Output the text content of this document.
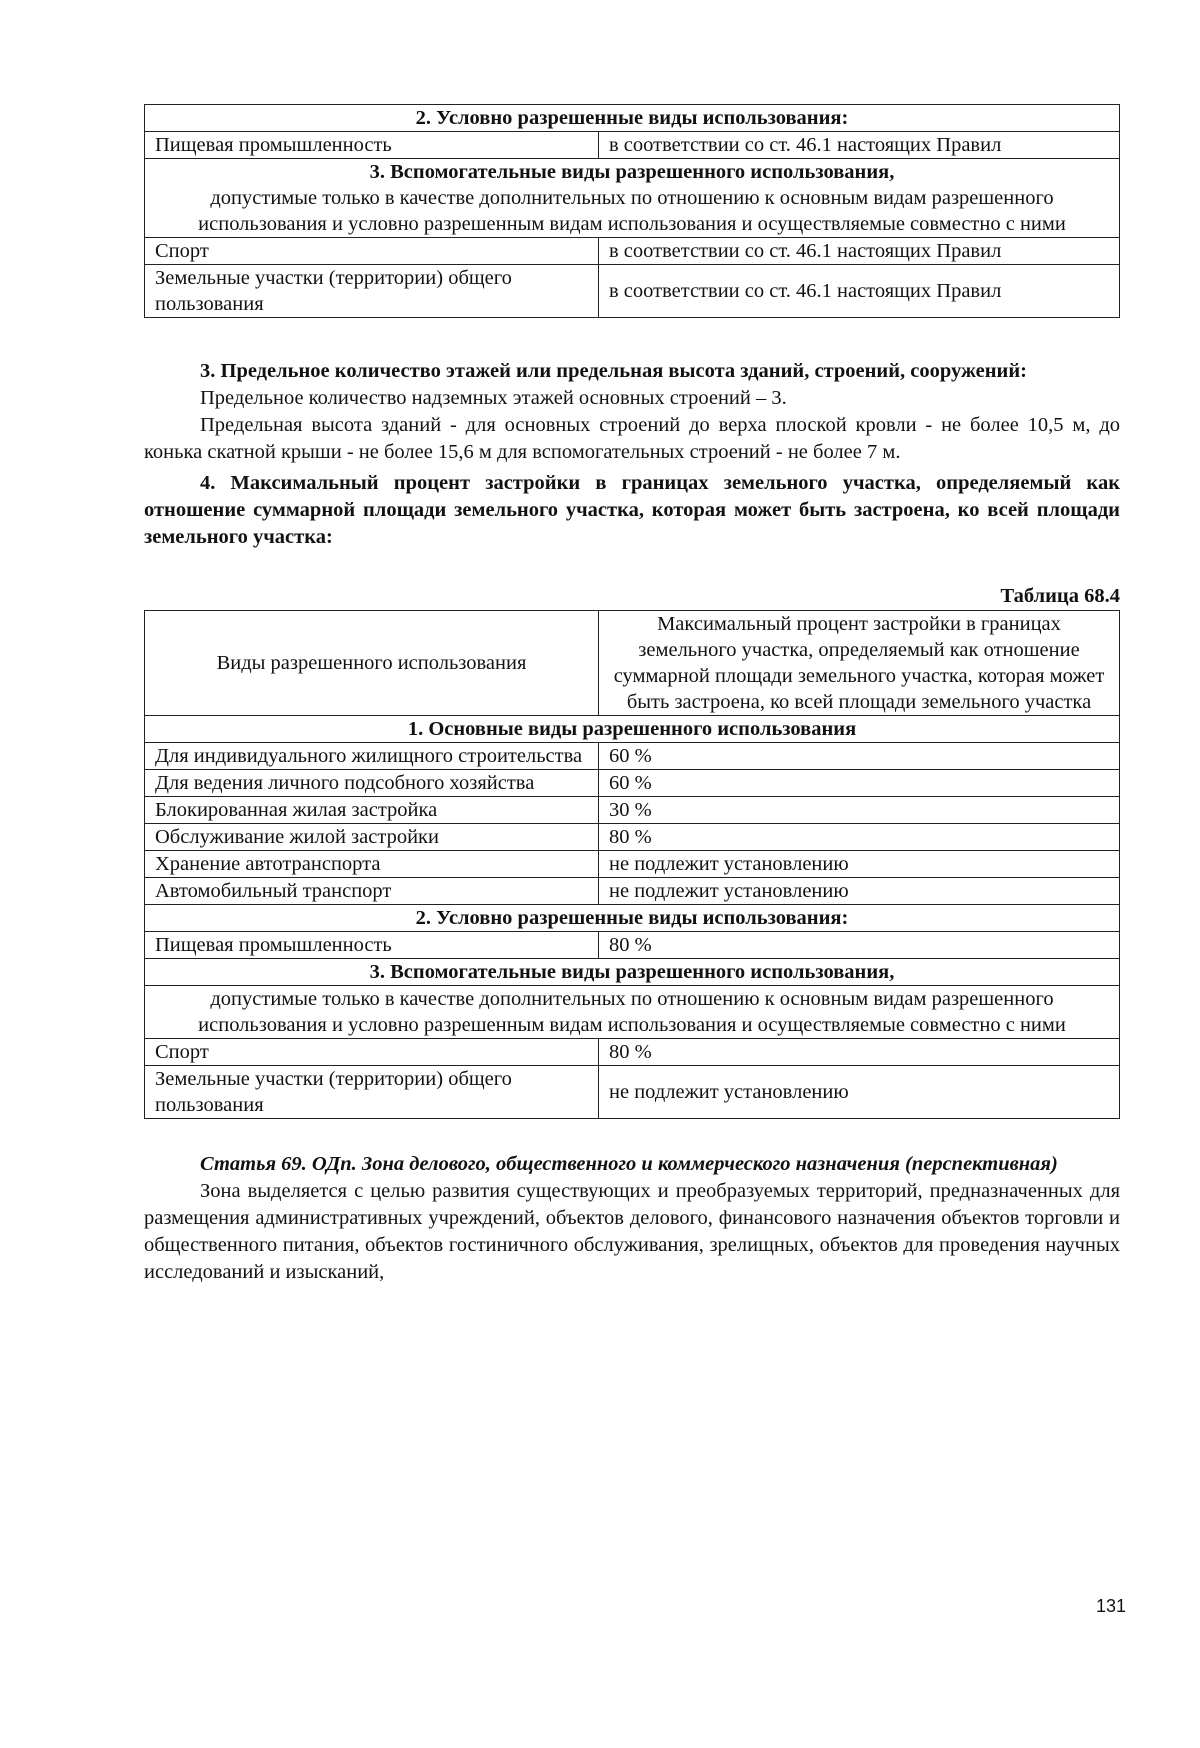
2. Условно разрешенные виды использования:	
Пищевая промышленность	в соответствии со ст. 46.1 настоящих Правил
3. Вспомогательные виды разрешенного использования,
допустимые только в качестве дополнительных по отношению к основным видам разрешенного использования и условно разрешенным видам использования и осуществляемые совместно с ними	

Спорт	в соответствии со ст. 46.1 настоящих Правил
Земельные участки (территории) общего пользования	в соответствии со ст. 46.1 настоящих Правил

3. Предельное количество этажей или предельная высота зданий, строений, сооружений:

Предельное количество надземных этажей основных строений – 3.

Предельная высота зданий - для основных строений до верха плоской кровли - не более 10,5 м, до конька скатной крыши - не более 15,6 м для вспомогательных строений - не более 7 м.

4. Максимальный процент застройки в границах земельного участка, определяемый как отношение суммарной площади земельного участка, которая может быть застроена, ко всей площади земельного участка:

Таблица 68.4
Виды разрешенного использования	Максимальный процент застройки в границах земельного участка, определяемый как отношение суммарной площади земельного участка, которая может быть застроена, ко всей площади земельного участка
1. Основные виды разрешенного использования	
Для индивидуального жилищного строительства	60 %
Для ведения личного подсобного хозяйства	60 %
Блокированная жилая застройка	30 %
Обслуживание жилой застройки	80 %
Хранение автотранспорта	не подлежит установлению
Автомобильный транспорт	не подлежит установлению
2. Условно разрешенные виды использования:	
Пищевая промышленность	80 %
3. Вспомогательные виды разрешенного использования,	
допустимые только в качестве дополнительных по отношению к основным видам разрешенного использования и условно разрешенным видам использования и осуществляемые совместно с ними	
Спорт	80 %
Земельные участки (территории) общего пользования	не подлежит установлению

Статья 69. ОДп. Зона делового, общественного и коммерческого назначения (перспективная)

Зона выделяется с целью развития существующих и преобразуемых территорий, предназначенных для размещения административных учреждений, объектов делового, финансового назначения объектов торговли и общественного питания, объектов гостиничного обслуживания, зрелищных, объектов для проведения научных исследований и изысканий,

131
